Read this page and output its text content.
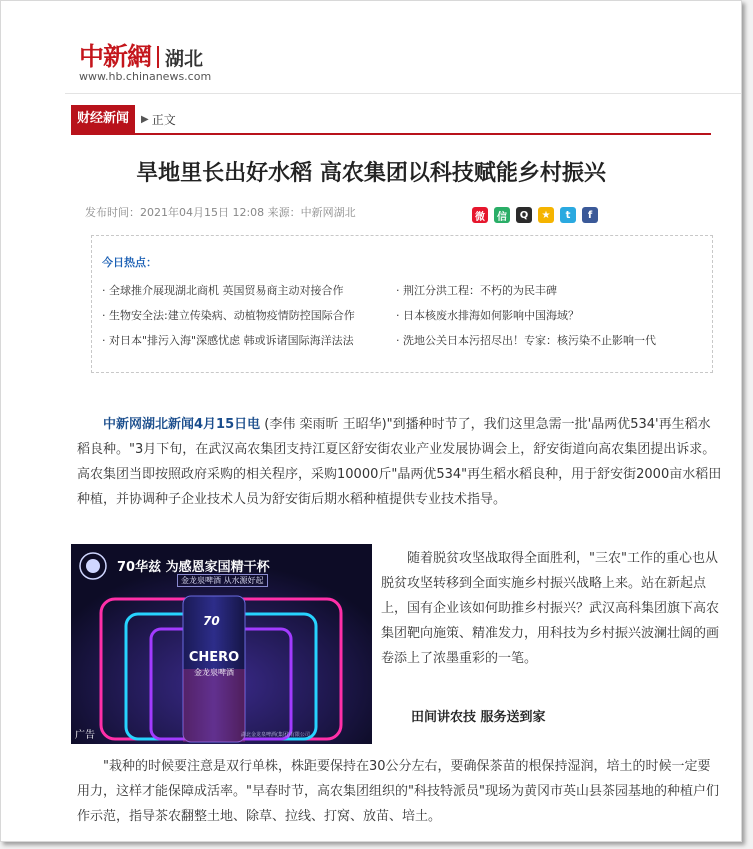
中新網 湖北
www.hb.chinanews.com
财经新闻	▶ 正文
旱地里长出好水稻 高农集团以科技赋能乡村振兴
发布时间：2021年04月15日 12:08 来源：中新网湖北	微	信	Q	★	t	f
今日热点：
· 全球推介展现湖北商机 英国贸易商主动对接合作
· 生物安全法:建立传染病、动植物疫情防控国际合作
· 对日本"排污入海"深感忧虑 韩或诉诸国际海洋法法
· 荆江分洪工程：不朽的为民丰碑
· 日本核废水排海如何影响中国海域？
· 洗地公关日本污招尽出！专家：核污染不止影响一代

中新网湖北新闻4月15日电 (李伟 栾雨昕 王昭华)"到播种时节了，我们这里急需一批'晶两优534'再生稻水稻良种。"3月下旬，在武汉高农集团支持江夏区舒安街农业产业发展协调会上，舒安街道向高农集团提出诉求。高农集团当即按照政府采购的相关程序，采购10000斤"晶两优534"再生稻水稻良种，用于舒安街2000亩水稻田种植，并协调种子企业技术人员为舒安街后期水稻种植提供专业技术指导。

70华兹 为感恩家国精干杯
金龙泉啤酒 从水源好起
70
CHERO
金龙泉啤酒
湖北金龙泉啤酒(集团)有限公司
广告

随着脱贫攻坚战取得全面胜利，"三农"工作的重心也从脱贫攻坚转移到全面实施乡村振兴战略上来。站在新起点上，国有企业该如何助推乡村振兴？武汉高科集团旗下高农集团靶向施策、精准发力，用科技为乡村振兴波澜壮阔的画卷添上了浓墨重彩的一笔。

田间讲农技 服务送到家

"栽种的时候要注意是双行单株，株距要保持在30公分左右，要确保茶苗的根保持湿润，培土的时候一定要用力，这样才能保障成活率。"早春时节，高农集团组织的"科技特派员"现场为黄冈市英山县茶园基地的种植户们作示范，指导茶农翻整土地、除草、拉线、打窝、放苗、培土。
